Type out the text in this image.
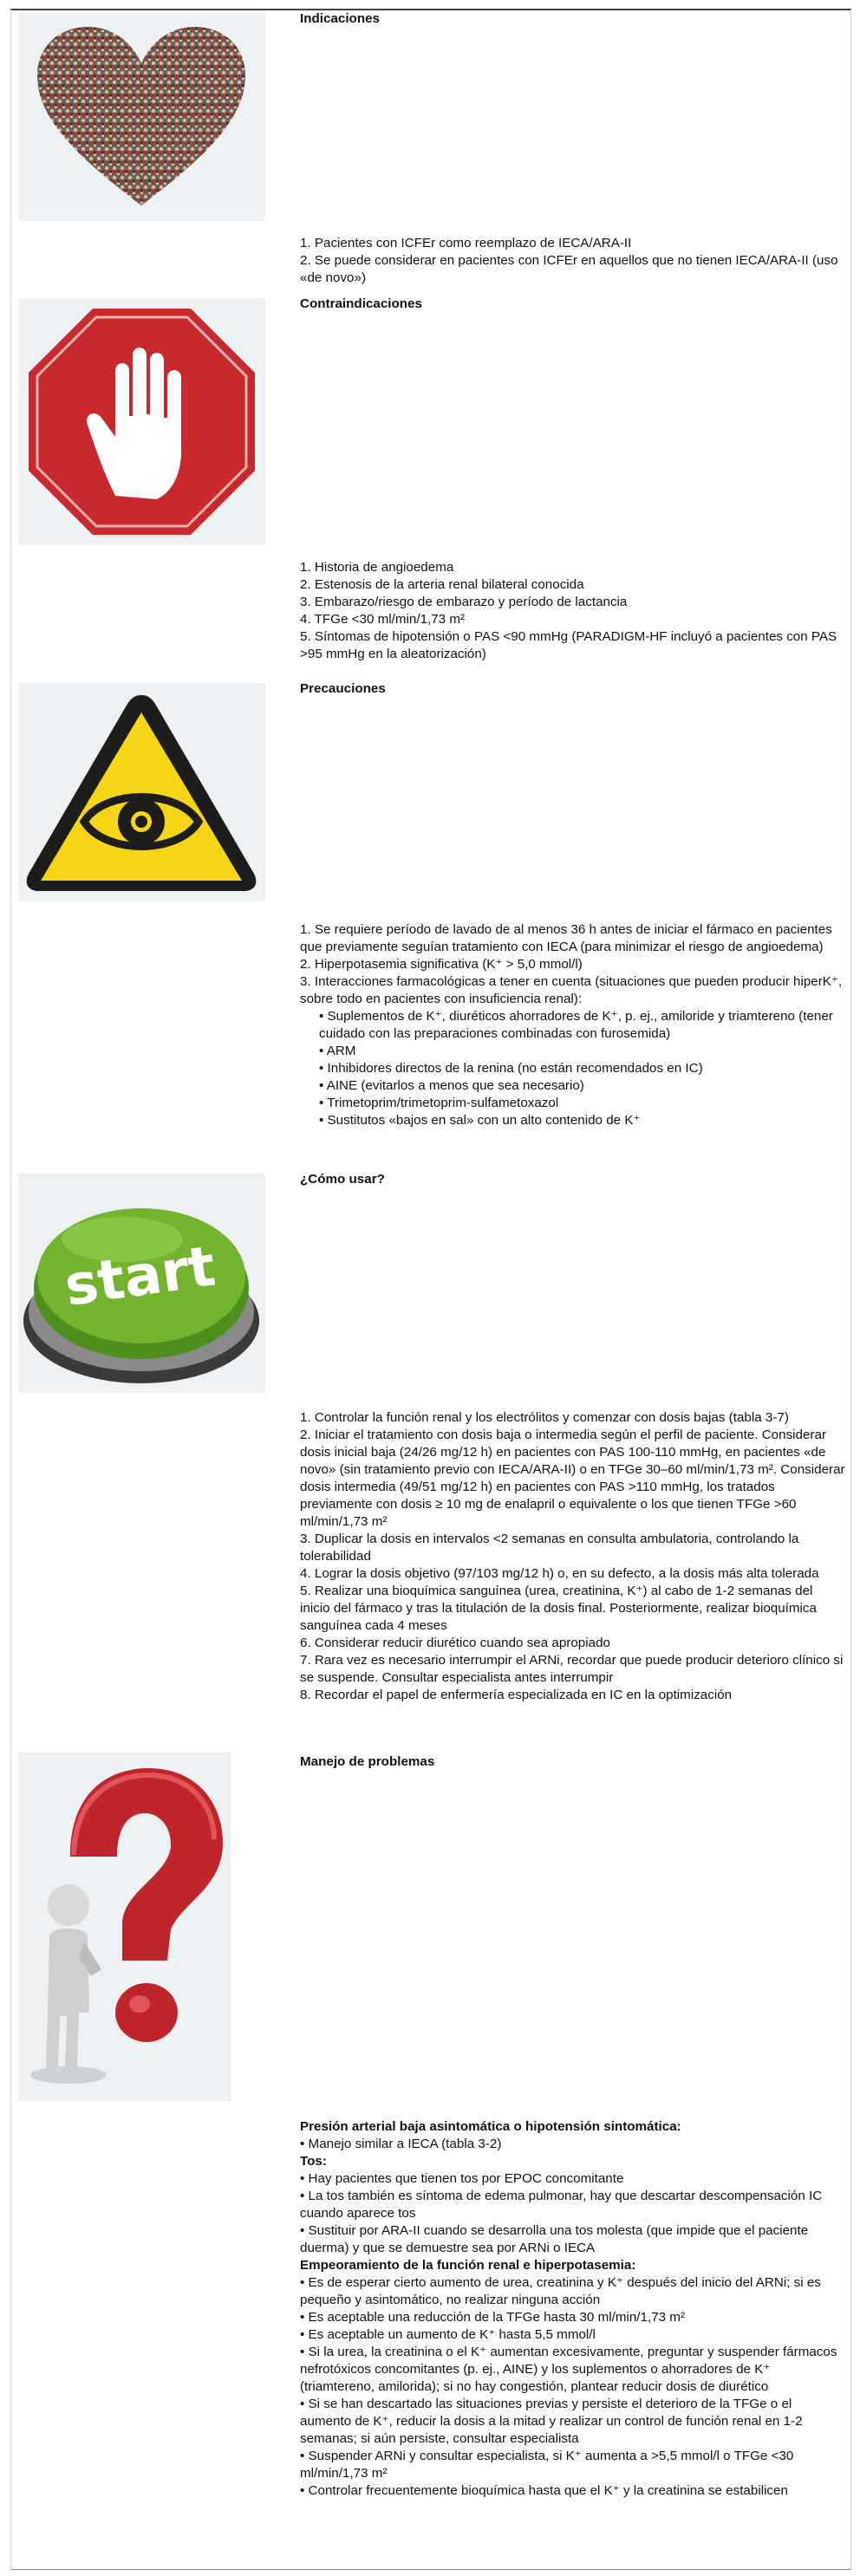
Indicaciones
1. Pacientes con ICFEr como reemplazo de IECA/ARA-II
2. Se puede considerar en pacientes con ICFEr en aquellos que no tienen IECA/ARA-II (uso «de novo»)
Contraindicaciones
1. Historia de angioedema
2. Estenosis de la arteria renal bilateral conocida
3. Embarazo/riesgo de embarazo y período de lactancia
4. TFGe <30 ml/min/1,73 m²
5. Síntomas de hipotensión o PAS <90 mmHg (PARADIGM-HF incluyó a pacientes con PAS >95 mmHg en la aleatorización)
Precauciones
1. Se requiere período de lavado de al menos 36 h antes de iniciar el fármaco en pacientes que previamente seguían tratamiento con IECA (para minimizar el riesgo de angioedema)
2. Hiperpotasemia significativa (K⁺ > 5,0 mmol/l)
3. Interacciones farmacológicas a tener en cuenta (situaciones que pueden producir hiperK⁺, sobre todo en pacientes con insuficiencia renal):
• Suplementos de K⁺, diuréticos ahorradores de K⁺, p. ej., amiloride y triamtereno (tener cuidado con las preparaciones combinadas con furosemida)
• ARM
• Inhibidores directos de la renina (no están recomendados en IC)
• AINE (evitarlos a menos que sea necesario)
• Trimetoprim/trimetoprim-sulfametoxazol
• Sustitutos «bajos en sal» con un alto contenido de K⁺
start
¿Cómo usar?
1. Controlar la función renal y los electrólitos y comenzar con dosis bajas (tabla 3-7)
2. Iniciar el tratamiento con dosis baja o intermedia según el perfil de paciente. Considerar dosis inicial baja (24/26 mg/12 h) en pacientes con PAS 100-110 mmHg, en pacientes «de novo» (sin tratamiento previo con IECA/ARA-II) o en TFGe 30–60 ml/min/1,73 m². Considerar dosis intermedia (49/51 mg/12 h) en pacientes con PAS >110 mmHg, los tratados previamente con dosis ≥ 10 mg de enalapril o equivalente o los que tienen TFGe >60 ml/min/1,73 m²
3. Duplicar la dosis en intervalos <2 semanas en consulta ambulatoria, controlando la tolerabilidad
4. Lograr la dosis objetivo (97/103 mg/12 h) o, en su defecto, a la dosis más alta tolerada
5. Realizar una bioquímica sanguínea (urea, creatinina, K⁺) al cabo de 1-2 semanas del inicio del fármaco y tras la titulación de la dosis final. Posteriormente, realizar bioquímica sanguínea cada 4 meses
6. Considerar reducir diurético cuando sea apropiado
7. Rara vez es necesario interrumpir el ARNi, recordar que puede producir deterioro clínico si se suspende. Consultar especialista antes interrumpir
8. Recordar el papel de enfermería especializada en IC en la optimización
Manejo de problemas
Presión arterial baja asintomática o hipotensión sintomática:
• Manejo similar a IECA (tabla 3-2)
Tos:
• Hay pacientes que tienen tos por EPOC concomitante
• La tos también es síntoma de edema pulmonar, hay que descartar descompensación IC cuando aparece tos
• Sustituir por ARA-II cuando se desarrolla una tos molesta (que impide que el paciente duerma) y que se demuestre sea por ARNi o IECA
Empeoramiento de la función renal e hiperpotasemia:
• Es de esperar cierto aumento de urea, creatinina y K⁺ después del inicio del ARNi; si es pequeño y asintomático, no realizar ninguna acción
• Es aceptable una reducción de la TFGe hasta 30 ml/min/1,73 m²
• Es aceptable un aumento de K⁺ hasta 5,5 mmol/l
• Si la urea, la creatinina o el K⁺ aumentan excesivamente, preguntar y suspender fármacos nefrotóxicos concomitantes (p. ej., AINE) y los suplementos o ahorradores de K⁺ (triamtereno, amilorida); si no hay congestión, plantear reducir dosis de diurético
• Si se han descartado las situaciones previas y persiste el deterioro de la TFGe o el aumento de K⁺, reducir la dosis a la mitad y realizar un control de función renal en 1-2 semanas; si aún persiste, consultar especialista
• Suspender ARNi y consultar especialista, si K⁺ aumenta a >5,5 mmol/l o TFGe <30 ml/min/1,73 m²
• Controlar frecuentemente bioquímica hasta que el K⁺ y la creatinina se estabilicen
